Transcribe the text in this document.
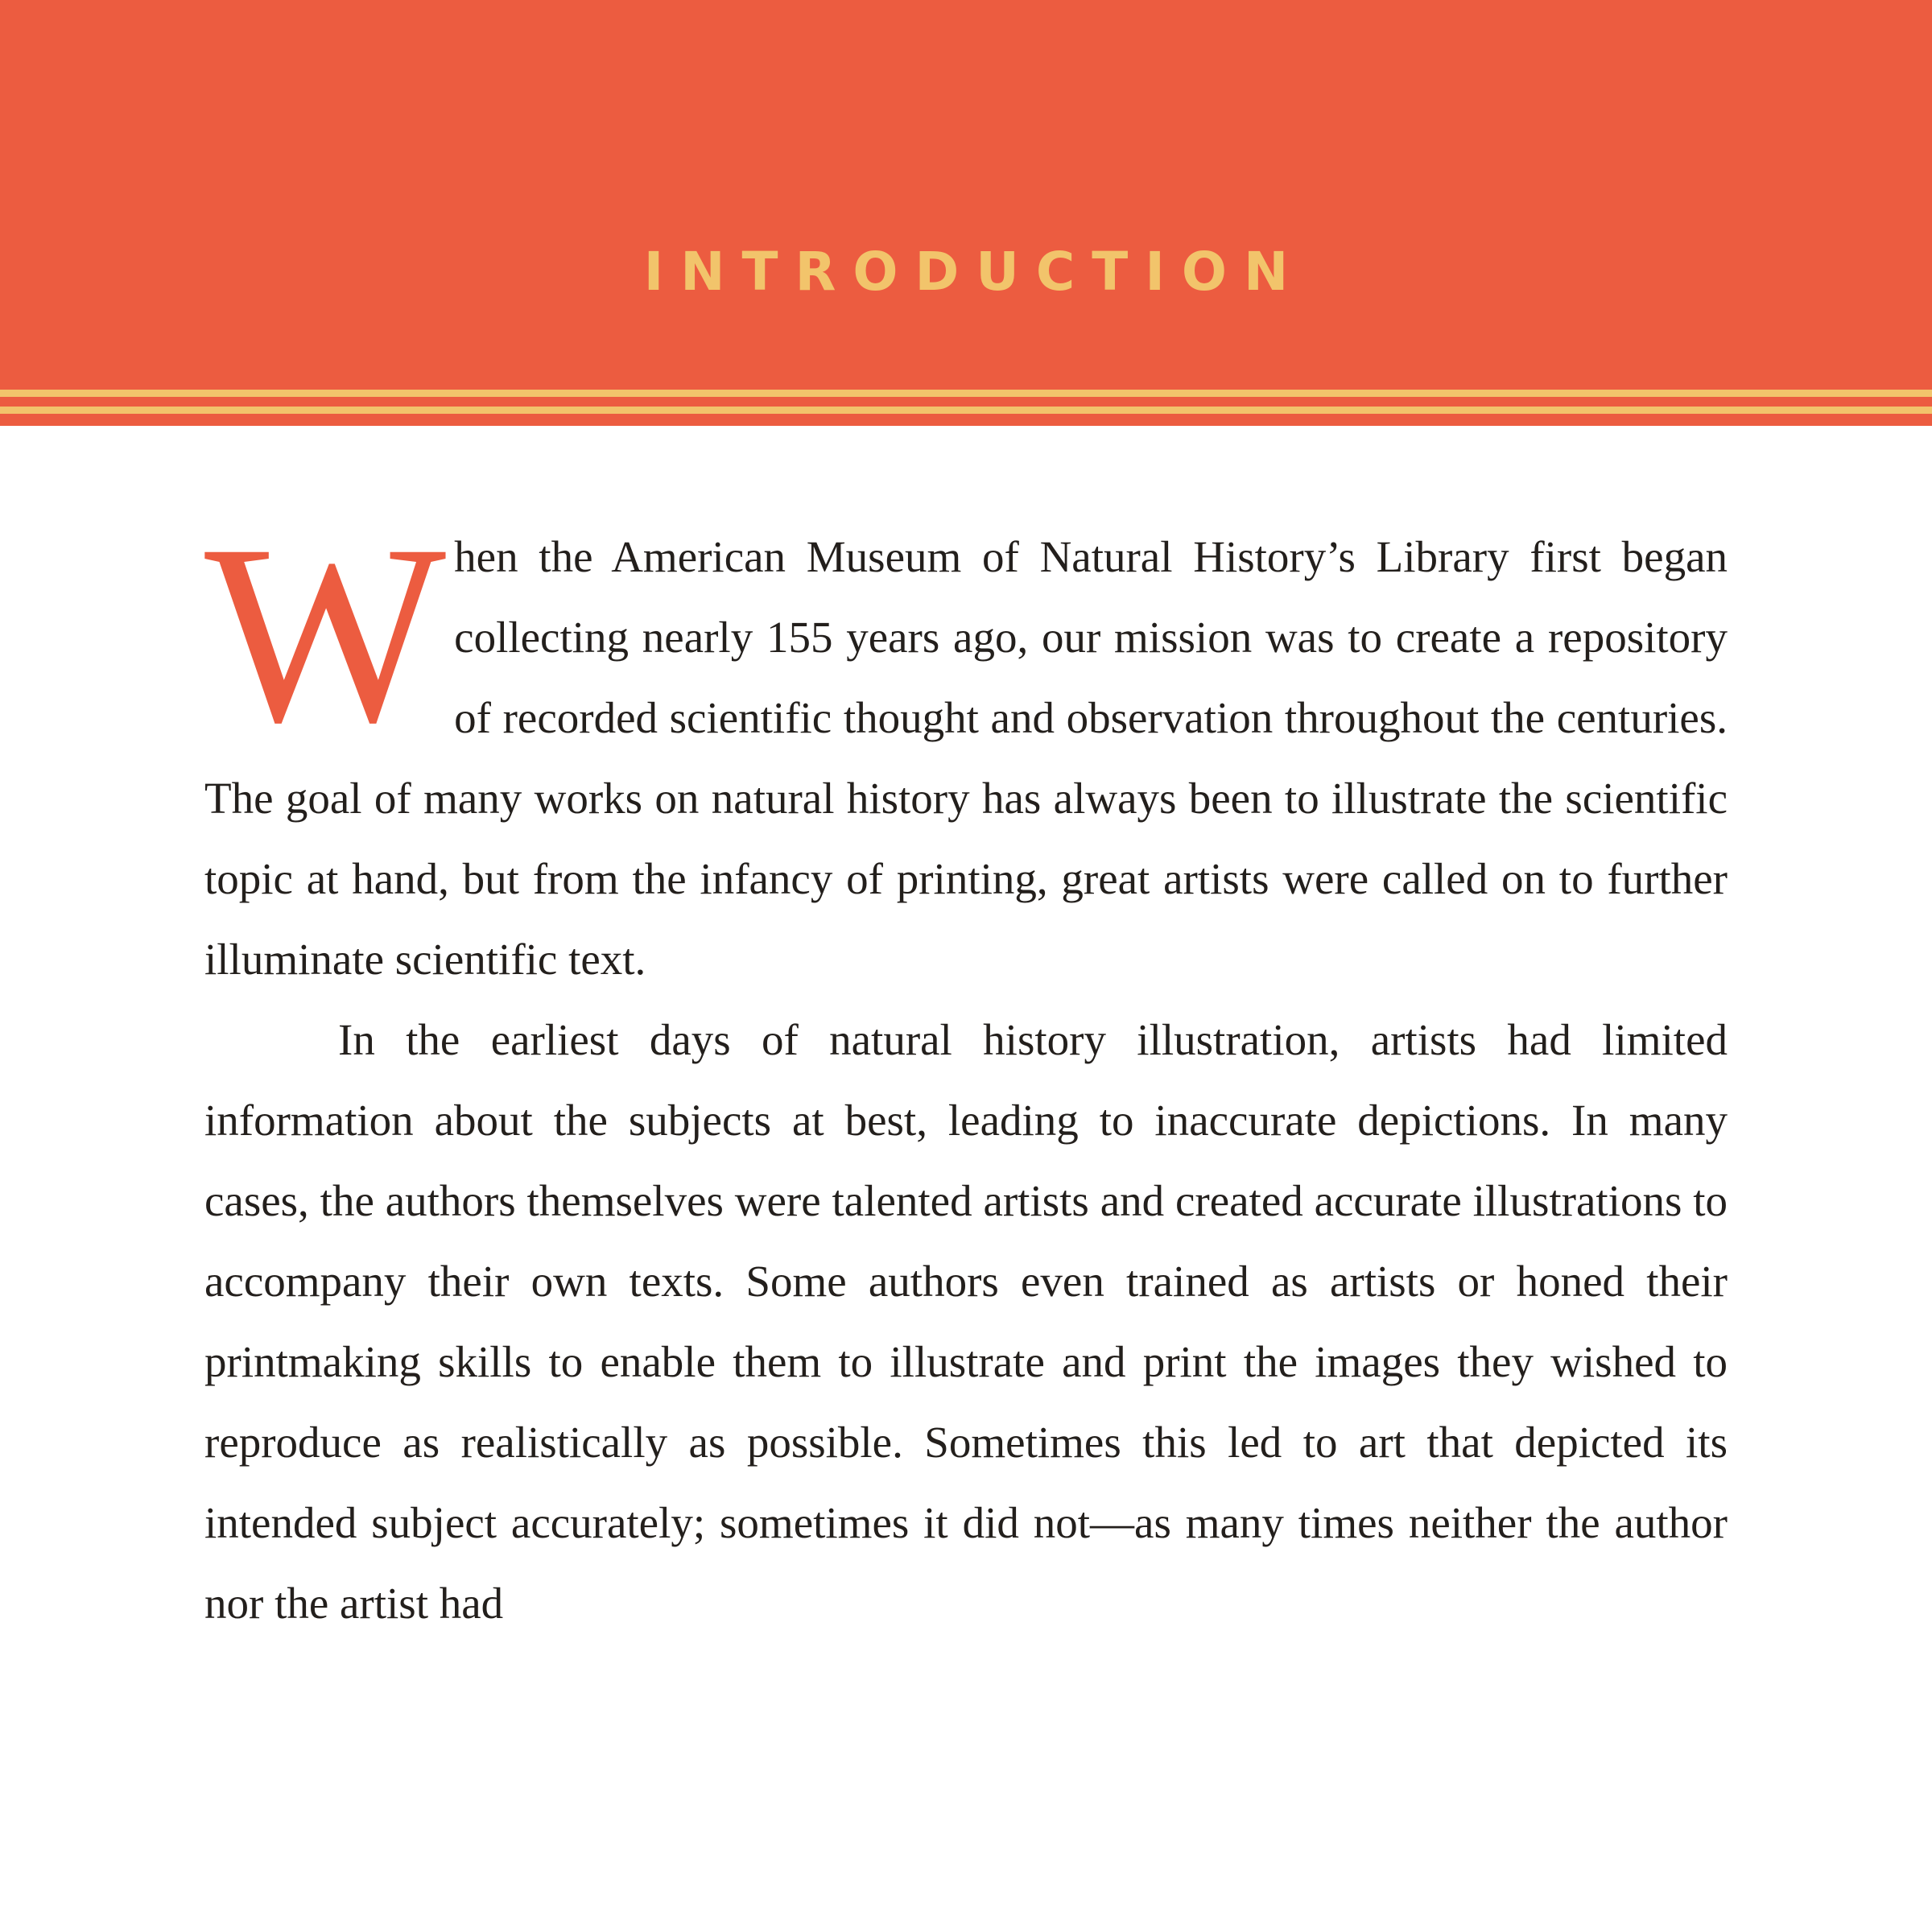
INTRODUCTION

When the American Museum of Natural History’s Library first began collecting nearly 155 years ago, our mission was to create a repository of recorded scientific thought and observation throughout the centuries. The goal of many works on natural history has always been to illustrate the scientific topic at hand, but from the infancy of printing, great artists were called on to further illuminate scientific text.

In the earliest days of natural history illustration, artists had limited information about the subjects at best, leading to inaccurate depictions. In many cases, the authors themselves were talented artists and created accurate illustrations to accompany their own texts. Some authors even trained as artists or honed their printmaking skills to enable them to illustrate and print the images they wished to reproduce as realistically as possible. Sometimes this led to art that depicted its intended subject accurately; sometimes it did not—as many times neither the author nor the artist had
